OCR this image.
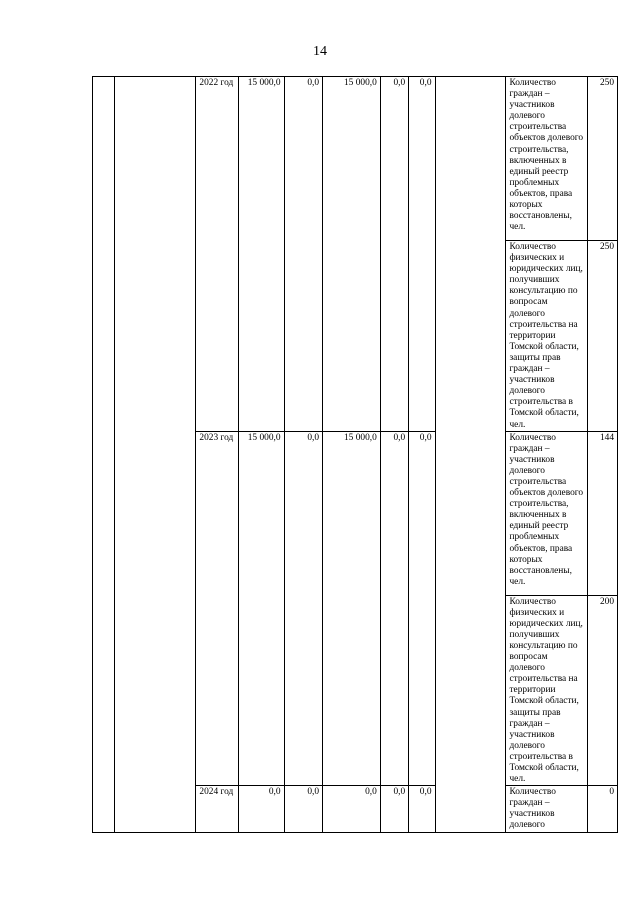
14
		2022 год	15 000,0	0,0	15 000,0	0,0	0,0		Количество граждан – участников долевого строительства объектов долевого строительства, включенных в единый реестр проблемных объектов, права которых восстановлены, чел.	250

									Количество физических и юридических лиц, получивших консультацию по вопросам долевого строительства на территории Томской области, защиты прав граждан – участников долевого строительства в Томской области, чел.	250
		2023 год	15 000,0	0,0	15 000,0	0,0	0,0		Количество граждан – участников долевого строительства объектов долевого строительства, включенных в единый реестр проблемных объектов, права которых восстановлены, чел.	144

									Количество физических и юридических лиц, получивших консультацию по вопросам долевого строительства на территории Томской области, защиты прав граждан – участников долевого строительства в Томской области, чел.	200
		2024 год	0,0	0,0	0,0	0,0	0,0		Количество граждан – участников долевого	0
